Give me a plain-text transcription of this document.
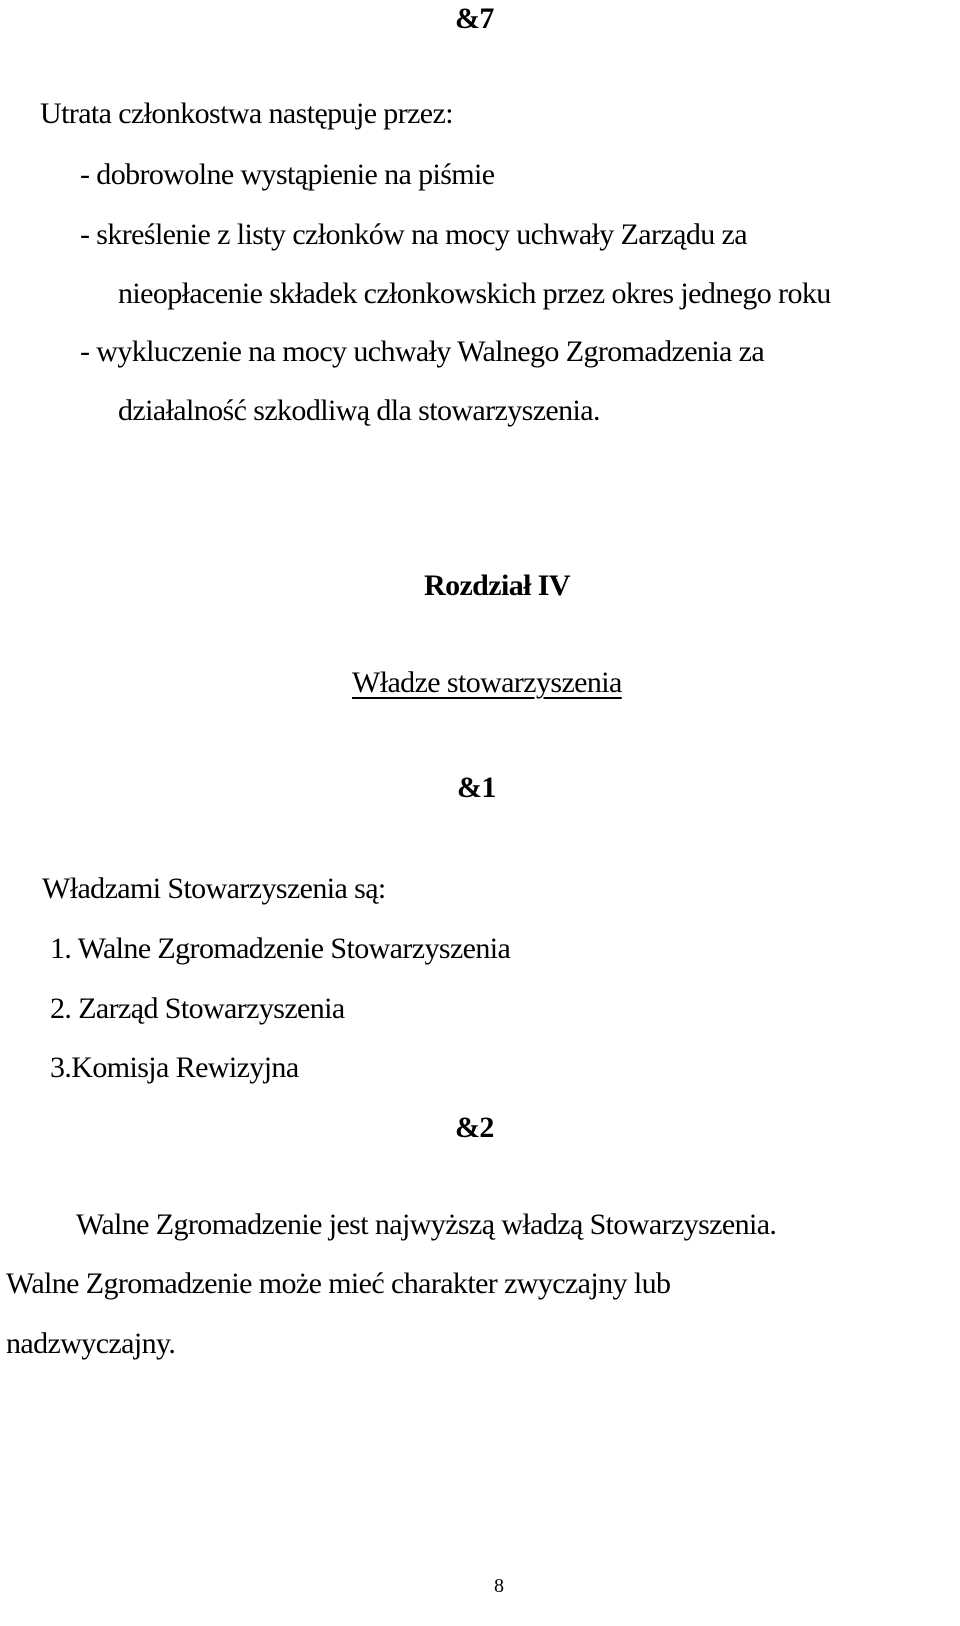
&7
Utrata członkostwa następuje przez:
- dobrowolne wystąpienie na piśmie
- skreślenie z listy członków na mocy uchwały Zarządu za
nieopłacenie składek członkowskich przez okres jednego roku
- wykluczenie na mocy uchwały Walnego Zgromadzenia za
działalność szkodliwą dla stowarzyszenia.
Rozdział IV
Władze stowarzyszenia
&1
Władzami Stowarzyszenia są:
1. Walne Zgromadzenie Stowarzyszenia
2. Zarząd Stowarzyszenia
3.Komisja Rewizyjna
&2
Walne Zgromadzenie jest najwyższą władzą Stowarzyszenia.
Walne Zgromadzenie może mieć charakter zwyczajny lub
nadzwyczajny.
8
